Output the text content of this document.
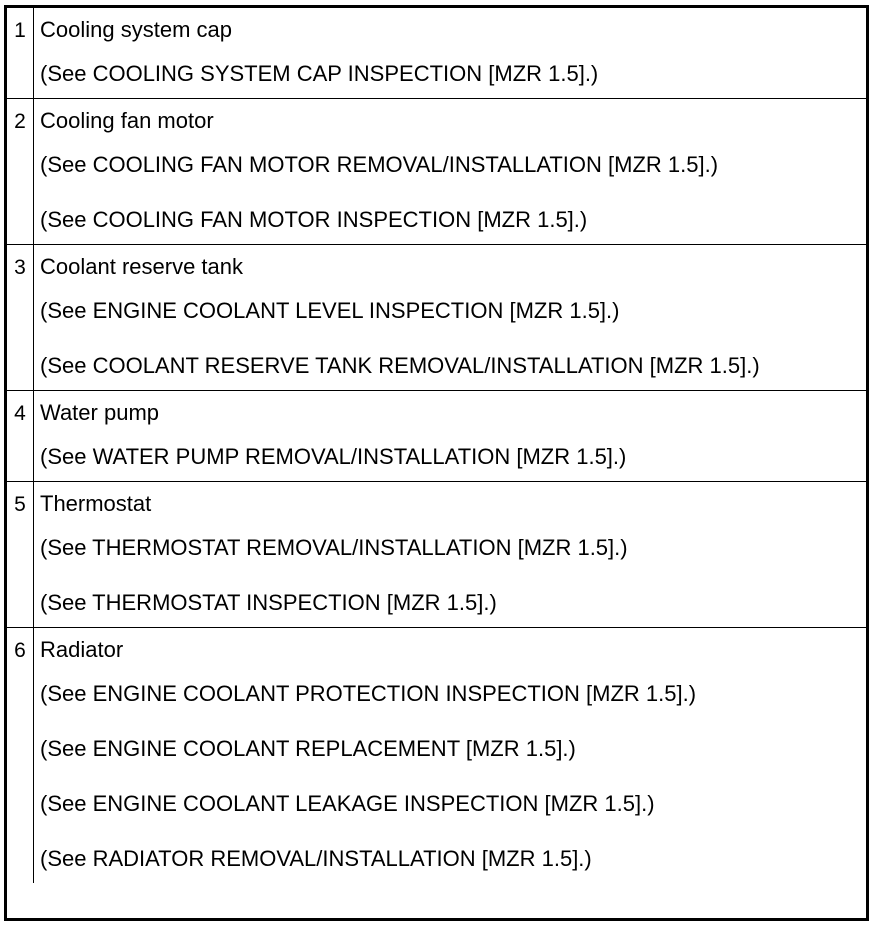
1 Cooling system cap
(See COOLING SYSTEM CAP INSPECTION [MZR 1.5].)
2 Cooling fan motor
(See COOLING FAN MOTOR REMOVAL/INSTALLATION [MZR 1.5].)
(See COOLING FAN MOTOR INSPECTION [MZR 1.5].)
3 Coolant reserve tank
(See ENGINE COOLANT LEVEL INSPECTION [MZR 1.5].)
(See COOLANT RESERVE TANK REMOVAL/INSTALLATION [MZR 1.5].)
4 Water pump
(See WATER PUMP REMOVAL/INSTALLATION [MZR 1.5].)
5 Thermostat
(See THERMOSTAT REMOVAL/INSTALLATION [MZR 1.5].)
(See THERMOSTAT INSPECTION [MZR 1.5].)
6 Radiator
(See ENGINE COOLANT PROTECTION INSPECTION [MZR 1.5].)
(See ENGINE COOLANT REPLACEMENT [MZR 1.5].)
(See ENGINE COOLANT LEAKAGE INSPECTION [MZR 1.5].)
(See RADIATOR REMOVAL/INSTALLATION [MZR 1.5].)
